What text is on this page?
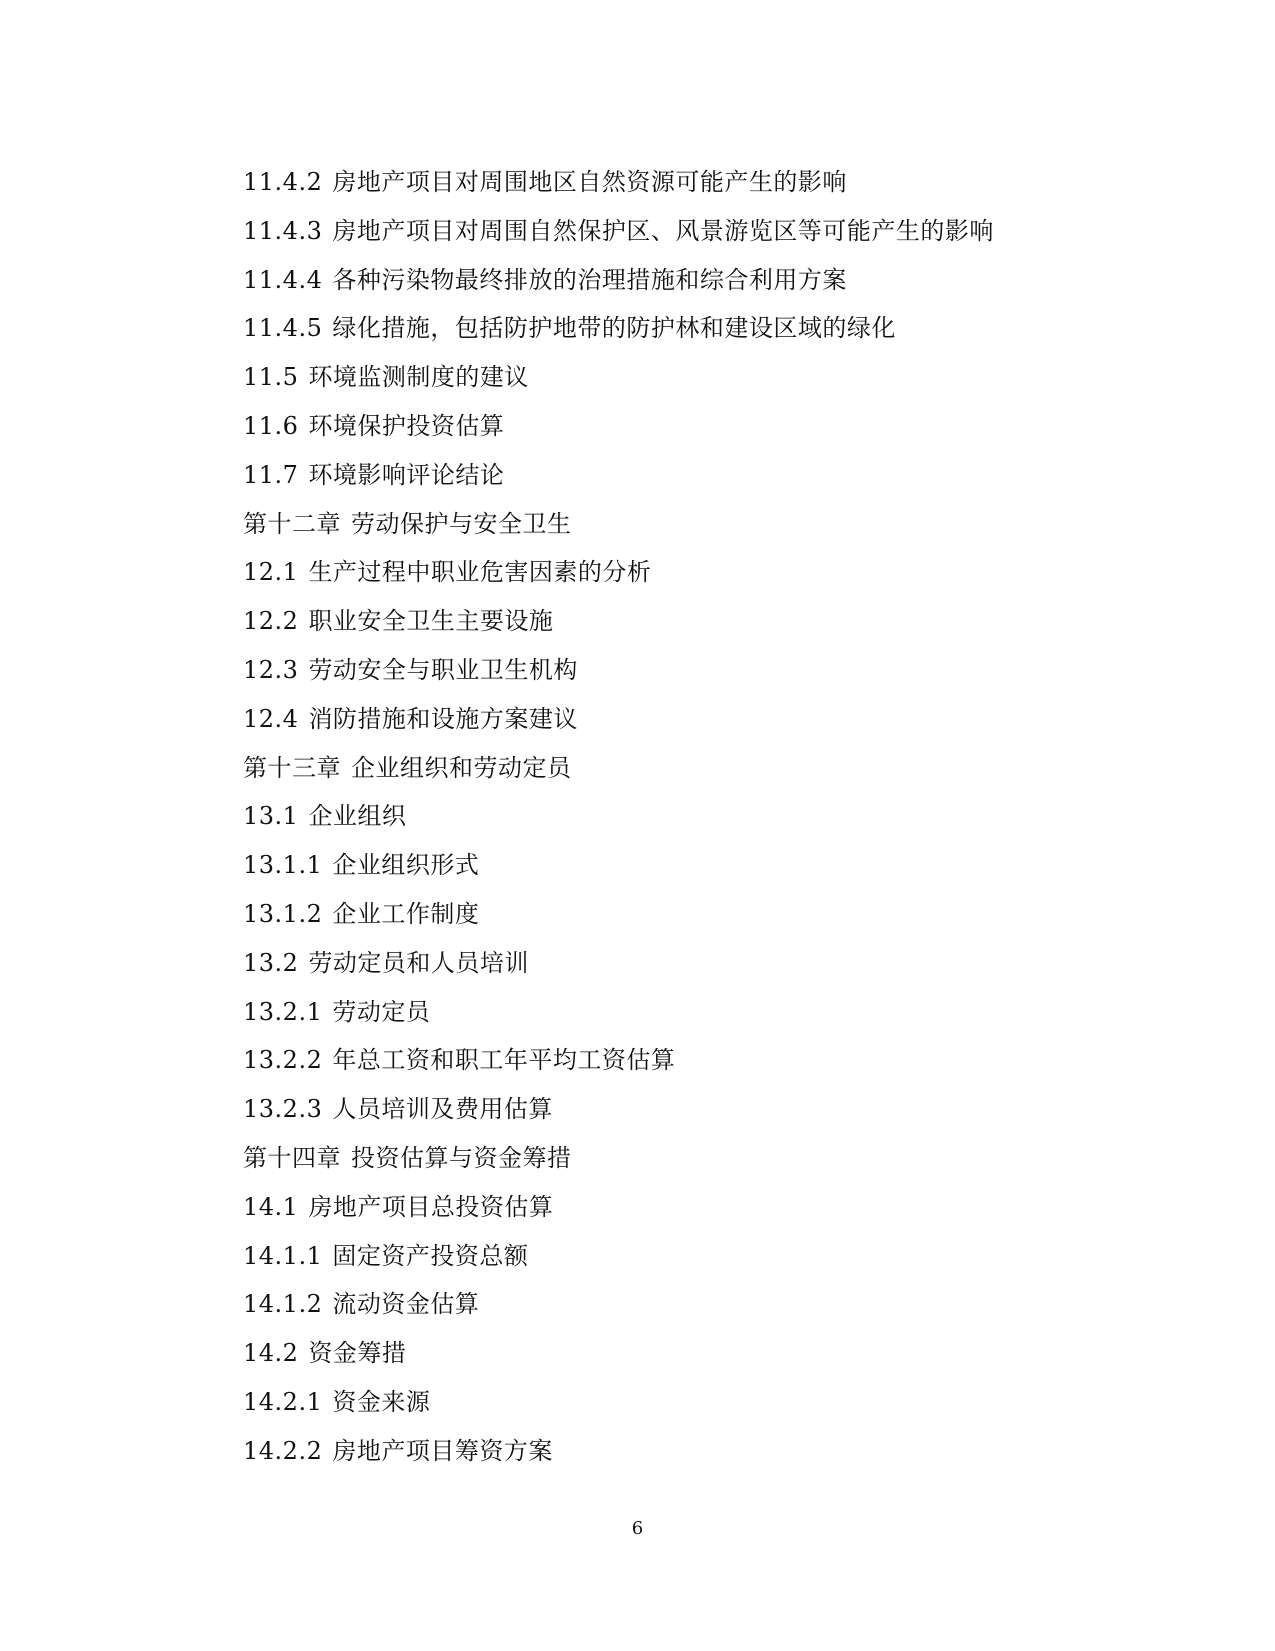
11.4.2 房地产项目对周围地区自然资源可能产生的影响
11.4.3 房地产项目对周围自然保护区、风景游览区等可能产生的影响
11.4.4 各种污染物最终排放的治理措施和综合利用方案
11.4.5 绿化措施，包括防护地带的防护林和建设区域的绿化
11.5 环境监测制度的建议
11.6 环境保护投资估算
11.7 环境影响评论结论
第十二章 劳动保护与安全卫生
12.1 生产过程中职业危害因素的分析
12.2 职业安全卫生主要设施
12.3 劳动安全与职业卫生机构
12.4 消防措施和设施方案建议
第十三章 企业组织和劳动定员
13.1 企业组织
13.1.1 企业组织形式
13.1.2 企业工作制度
13.2 劳动定员和人员培训
13.2.1 劳动定员
13.2.2 年总工资和职工年平均工资估算
13.2.3 人员培训及费用估算
第十四章 投资估算与资金筹措
14.1 房地产项目总投资估算
14.1.1 固定资产投资总额
14.1.2 流动资金估算
14.2 资金筹措
14.2.1 资金来源
14.2.2 房地产项目筹资方案
6
